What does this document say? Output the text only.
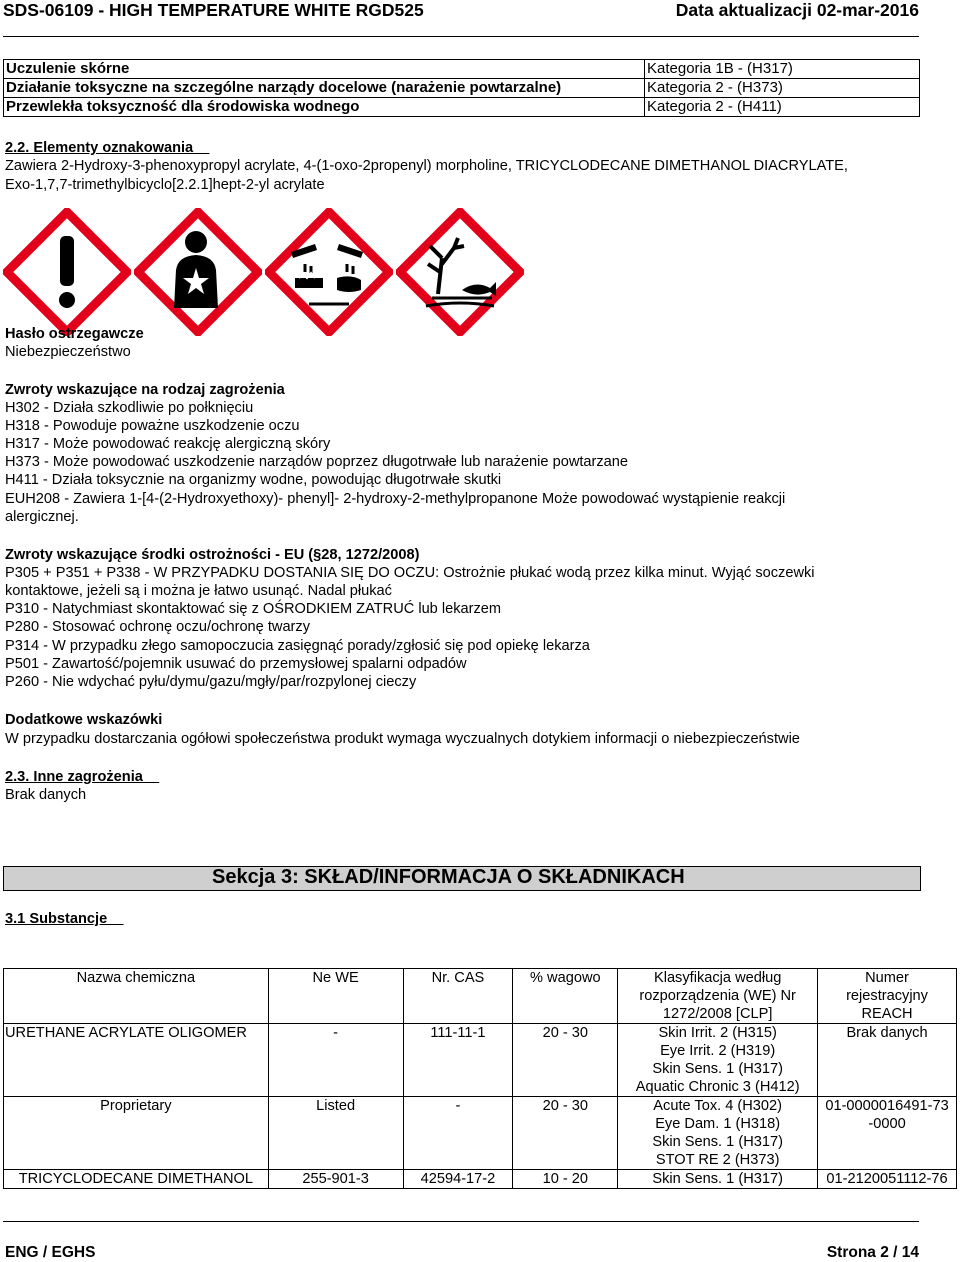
SDS-06109 - HIGH TEMPERATURE WHITE RGD525	Data aktualizacji 02-mar-2016
Uczulenie skórne	Kategoria 1B - (H317)
Działanie toksyczne na szczególne narządy docelowe (narażenie powtarzalne)	Kategoria 2 - (H373)
Przewlekła toksyczność dla środowiska wodnego	Kategoria 2 - (H411)
2.2. Elementy oznakowania__
Zawiera 2-Hydroxy-3-phenoxypropyl acrylate, 4-(1-oxo-2propenyl) morpholine, TRICYCLODECANE DIMETHANOL DIACRYLATE,
Exo-1,7,7-trimethylbicyclo[2.2.1]hept-2-yl acrylate
Hasło ostrzegawcze
Niebezpieczeństwo
Zwroty wskazujące na rodzaj zagrożenia
H302 - Działa szkodliwie po połknięciu
H318 - Powoduje poważne uszkodzenie oczu
H317 - Może powodować reakcję alergiczną skóry
H373 - Może powodować uszkodzenie narządów poprzez długotrwałe lub narażenie powtarzane
H411 - Działa toksycznie na organizmy wodne, powodując długotrwałe skutki
EUH208 - Zawiera 1-[4-(2-Hydroxyethoxy)- phenyl]- 2-hydroxy-2-methylpropanone Może powodować wystąpienie reakcji
alergicznej.
Zwroty wskazujące środki ostrożności - EU (§28, 1272/2008)
P305 + P351 + P338 - W PRZYPADKU DOSTANIA SIĘ DO OCZU: Ostrożnie płukać wodą przez kilka minut. Wyjąć soczewki
kontaktowe, jeżeli są i można je łatwo usunąć. Nadal płukać
P310 - Natychmiast skontaktować się z OŚRODKIEM ZATRUĆ lub lekarzem
P280 - Stosować ochronę oczu/ochronę twarzy
P314 - W przypadku złego samopoczucia zasięgnąć porady/zgłosić się pod opiekę lekarza
P501 - Zawartość/pojemnik usuwać do przemysłowej spalarni odpadów
P260 - Nie wdychać pyłu/dymu/gazu/mgły/par/rozpylonej cieczy
Dodatkowe wskazówki
W przypadku dostarczania ogółowi społeczeństwa produkt wymaga wyczualnych dotykiem informacji o niebezpieczeństwie
2.3. Inne zagrożenia__
Brak danych
Sekcja 3: SKŁAD/INFORMACJA O SKŁADNIKACH
3.1 Substancje__
Nazwa chemiczna	Ne WE	Nr. CAS	% wagowo	Klasyfikacja według
rozporządzenia (WE) Nr
1272/2008 [CLP]	Numer
rejestracyjny
REACH

URETHANE ACRYLATE OLIGOMER	-	111-11-1	20 - 30	Skin Irrit. 2 (H315)
Eye Irrit. 2 (H319)
Skin Sens. 1 (H317)
Aquatic Chronic 3 (H412)	Brak danych

Proprietary	Listed	-	20 - 30	Acute Tox. 4 (H302)
Eye Dam. 1 (H318)
Skin Sens. 1 (H317)
STOT RE 2 (H373)	01-0000016491-73
-0000

TRICYCLODECANE DIMETHANOL	255-901-3	42594-17-2	10 - 20	Skin Sens. 1 (H317)	01-2120051112-76
ENG / EGHS	Strona 2 / 14
